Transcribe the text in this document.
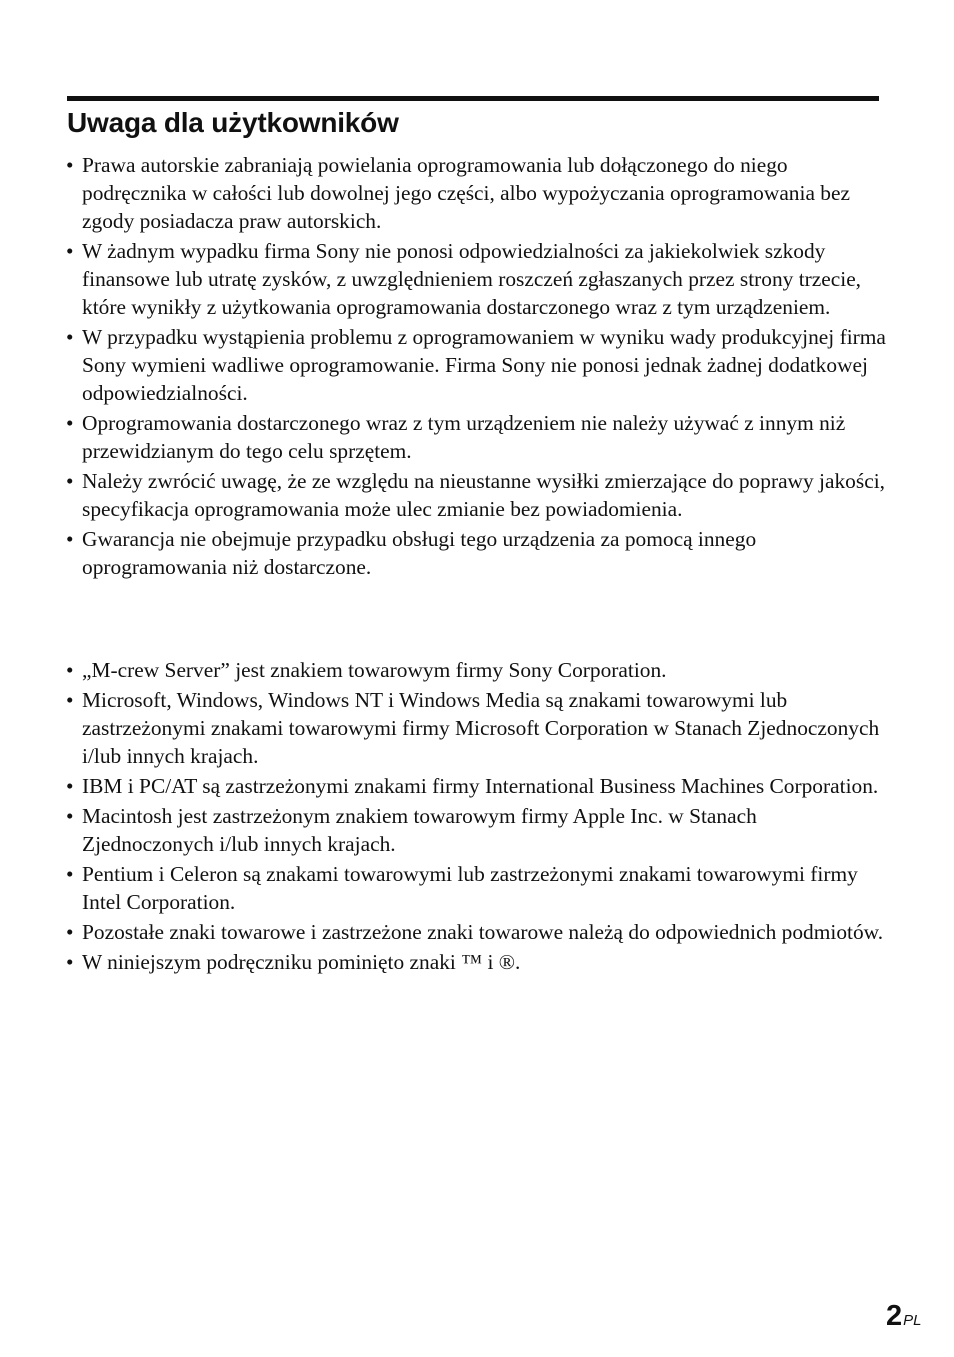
Uwaga dla użytkowników
• Prawa autorskie zabraniają powielania oprogramowania lub dołączonego do niego podręcznika w całości lub dowolnej jego części, albo wypożyczania oprogramowania bez zgody posiadacza praw autorskich.
• W żadnym wypadku firma Sony nie ponosi odpowiedzialności za jakiekolwiek szkody finansowe lub utratę zysków, z uwzględnieniem roszczeń zgłaszanych przez strony trzecie, które wynikły z użytkowania oprogramowania dostarczonego wraz z tym urządzeniem.
• W przypadku wystąpienia problemu z oprogramowaniem w wyniku wady produkcyjnej firma Sony wymieni wadliwe oprogramowanie. Firma Sony nie ponosi jednak żadnej dodatkowej odpowiedzialności.
• Oprogramowania dostarczonego wraz z tym urządzeniem nie należy używać z innym niż przewidzianym do tego celu sprzętem.
• Należy zwrócić uwagę, że ze względu na nieustanne wysiłki zmierzające do poprawy jakości, specyfikacja oprogramowania może ulec zmianie bez powiadomienia.
• Gwarancja nie obejmuje przypadku obsługi tego urządzenia za pomocą innego oprogramowania niż dostarczone.
• „M-crew Server” jest znakiem towarowym firmy Sony Corporation.
• Microsoft, Windows, Windows NT i Windows Media są znakami towarowymi lub zastrzeżonymi znakami towarowymi firmy Microsoft Corporation w Stanach Zjednoczonych i/lub innych krajach.
• IBM i PC/AT są zastrzeżonymi znakami firmy International Business Machines Corporation.
• Macintosh jest zastrzeżonym znakiem towarowym firmy Apple Inc. w Stanach Zjednoczonych i/lub innych krajach.
• Pentium i Celeron są znakami towarowymi lub zastrzeżonymi znakami towarowymi firmy Intel Corporation.
• Pozostałe znaki towarowe i zastrzeżone znaki towarowe należą do odpowiednich podmiotów.
• W niniejszym podręczniku pominięto znaki ™ i ®.
2PL
